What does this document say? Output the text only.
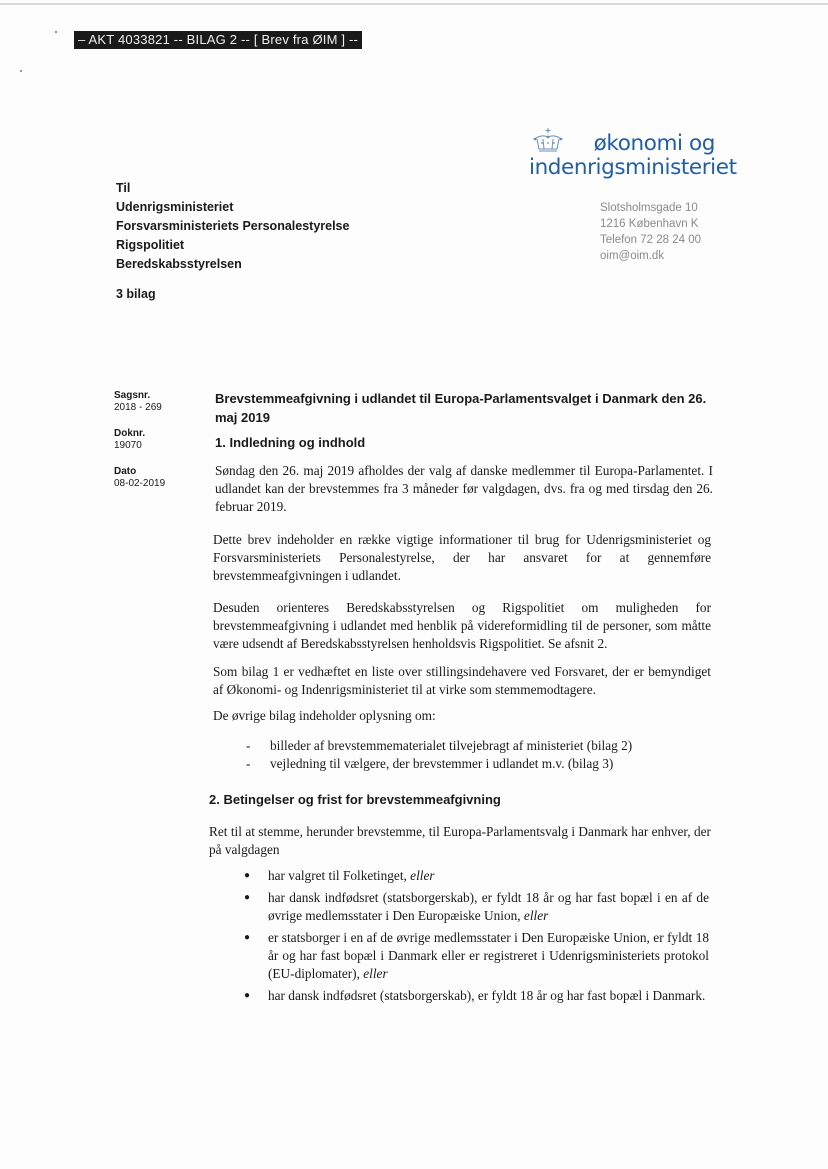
– AKT 4033821 -- BILAG 2 -- [ Brev fra ØIM ] --
økonomi og
indenrigsministeriet
Til
Udenrigsministeriet
Forsvarsministeriets Personalestyrelse
Rigspolitiet
Beredskabsstyrelsen
3 bilag
Slotsholmsgade 10
1216 København K
Telefon 72 28 24 00
oim@oim.dk
Sagsnr.
2018 - 269
Doknr.
19070
Dato
08-02-2019
Brevstemmeafgivning i udlandet til Europa-Parlamentsvalget i Danmark den 26. maj 2019
1. Indledning og indhold
Søndag den 26. maj 2019 afholdes der valg af danske medlemmer til Europa-Parlamentet. I udlandet kan der brevstemmes fra 3 måneder før valgdagen, dvs. fra og med tirsdag den 26. februar 2019.
Dette brev indeholder en række vigtige informationer til brug for Udenrigsministeriet og Forsvarsministeriets Personalestyrelse, der har ansvaret for at gennemføre brevstemmeafgivningen i udlandet.
Desuden orienteres Beredskabsstyrelsen og Rigspolitiet om muligheden for brevstemmeafgivning i udlandet med henblik på videreformidling til de personer, som måtte være udsendt af Beredskabsstyrelsen henholdsvis Rigspolitiet. Se afsnit 2.
Som bilag 1 er vedhæftet en liste over stillingsindehavere ved Forsvaret, der er bemyndiget af Økonomi- og Indenrigsministeriet til at virke som stemmemodtagere.
De øvrige bilag indeholder oplysning om:
-	billeder af brevstemmematerialet tilvejebragt af ministeriet (bilag 2)
-	vejledning til vælgere, der brevstemmer i udlandet m.v. (bilag 3)
2. Betingelser og frist for brevstemmeafgivning
Ret til at stemme, herunder brevstemme, til Europa-Parlamentsvalg i Danmark har enhver, der på valgdagen
●	har valgret til Folketinget, eller
●	har dansk indfødsret (statsborgerskab), er fyldt 18 år og har fast bopæl i en af de øvrige medlemsstater i Den Europæiske Union, eller
●	er statsborger i en af de øvrige medlemsstater i Den Europæiske Union, er fyldt 18 år og har fast bopæl i Danmark eller er registreret i Udenrigsministeriets protokol (EU-diplomater), eller
●	har dansk indfødsret (statsborgerskab), er fyldt 18 år og har fast bopæl i Danmark.
